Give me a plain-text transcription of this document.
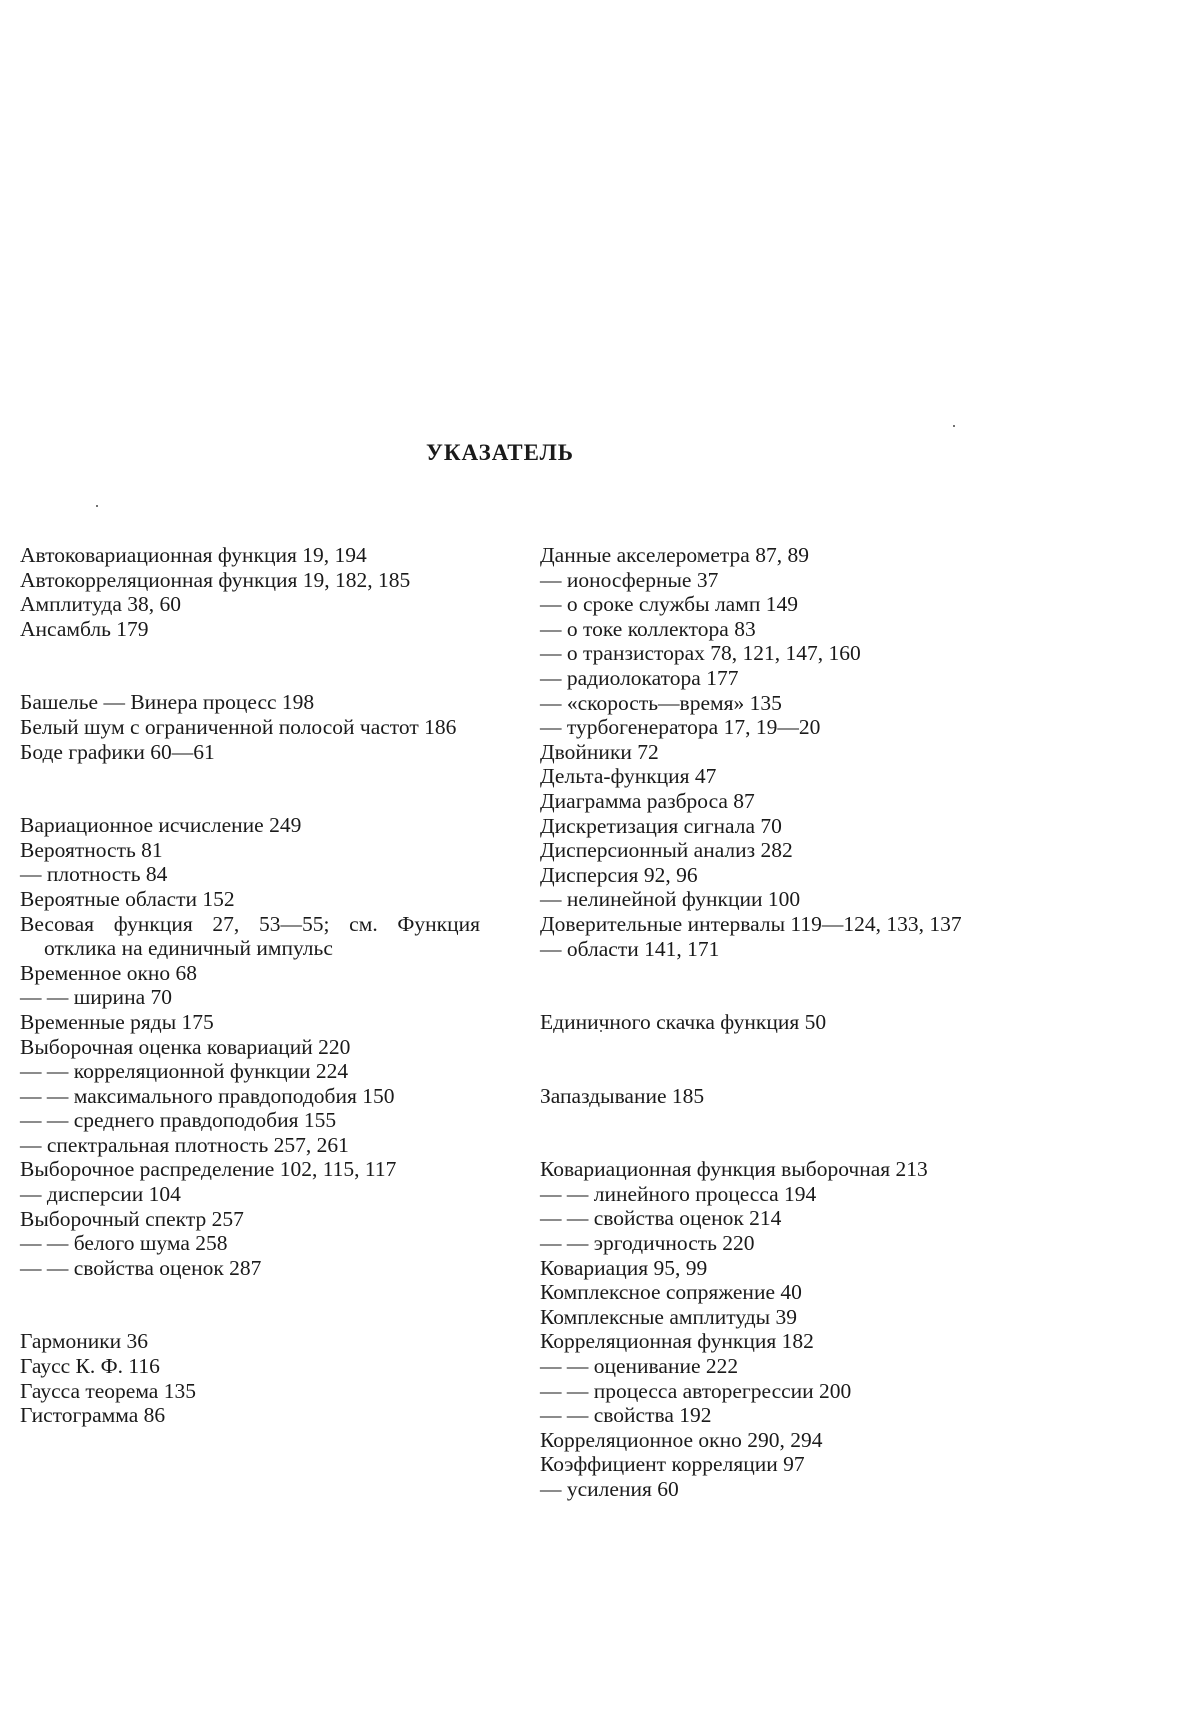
УКАЗАТЕЛЬ

Автоковариационная функция 19, 194

Автокорреляционная функция 19, 182, 185

Амплитуда 38, 60

Ансамбль 179

Башелье — Винера процесс 198

Белый шум с ограниченной полосой частот 186

Боде графики 60—61

Вариационное исчисление 249

Вероятность 81

— плотность 84

Вероятные области 152

Весовая функция 27, 53—55; см. Функция отклика на единичный импульс

Временное окно 68

— — ширина 70

Временные ряды 175

Выборочная оценка ковариаций 220

— — корреляционной функции 224

— — максимального правдоподобия 150

— — среднего правдоподобия 155

— спектральная плотность 257, 261

Выборочное распределение 102, 115, 117

— дисперсии 104

Выборочный спектр 257

— — белого шума 258

— — свойства оценок 287

Гармоники 36

Гаусс К. Ф. 116

Гаусса теорема 135

Гистограмма 86

Данные акселерометра 87, 89

— ионосферные 37

— о сроке службы ламп 149

— о токе коллектора 83

— о транзисторах 78, 121, 147, 160

— радиолокатора 177

— «скорость—время» 135

— турбогенератора 17, 19—20

Двойники 72

Дельта-функция 47

Диаграмма разброса 87

Дискретизация сигнала 70

Дисперсионный анализ 282

Дисперсия 92, 96

— нелинейной функции 100

Доверительные интервалы 119—124, 133, 137

— области 141, 171

Единичного скачка функция 50

Запаздывание 185

Ковариационная функция выборочная 213

— — линейного процесса 194

— — свойства оценок 214

— — эргодичность 220

Ковариация 95, 99

Комплексное сопряжение 40

Комплексные амплитуды 39

Корреляционная функция 182

— — оценивание 222

— — процесса авторегрессии 200

— — свойства 192

Корреляционное окно 290, 294

Коэффициент корреляции 97

— усиления 60
